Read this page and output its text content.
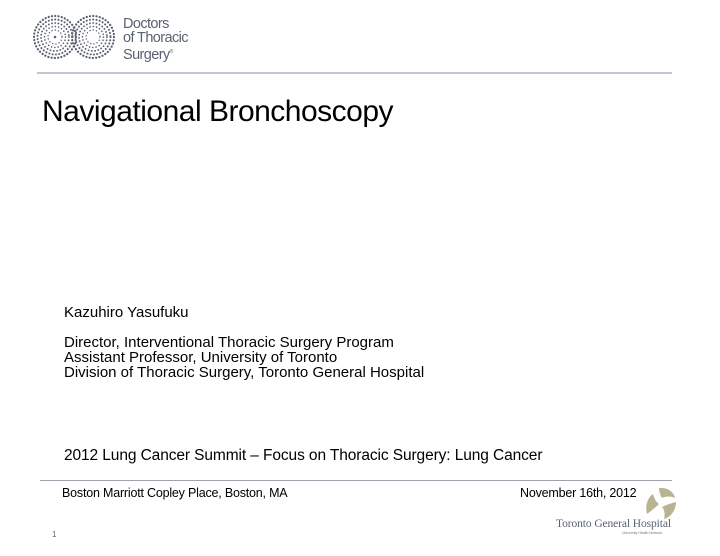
Doctors
of Thoracic
Surgery®
Navigational Bronchoscopy
Kazuhiro Yasufuku
Director, Interventional Thoracic Surgery Program
Assistant Professor, University of Toronto
Division of Thoracic Surgery, Toronto General Hospital
2012 Lung Cancer Summit – Focus on Thoracic Surgery: Lung Cancer
Boston Marriott Copley Place, Boston, MA	November 16th, 2012
Toronto General Hospital
University Health Network
1
